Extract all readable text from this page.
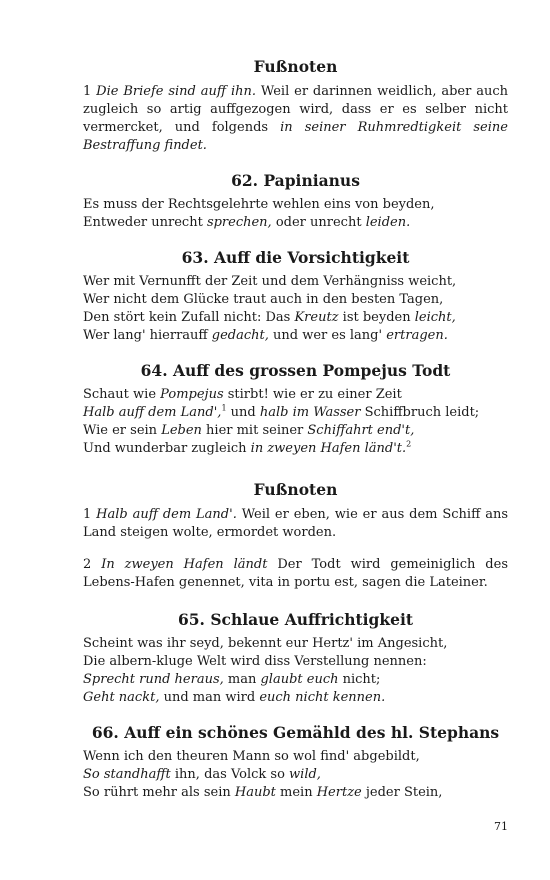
Fußnoten

1 Die Briefe sind auff ihn. Weil er darinnen weidlich, aber auch zugleich so artig auffgezogen wird, dass er es selber nicht vermercket, und folgends in seiner Ruhmredtigkeit seine Bestraffung findet.

62. Papinianus

Es muss der Rechtsgelehrte wehlen eins von beyden,

Entweder unrecht sprechen, oder unrecht leiden.

63. Auff die Vorsichtigkeit

Wer mit Vernunfft der Zeit und dem Verhängniss weicht,

Wer nicht dem Glücke traut auch in den besten Tagen,

Den stört kein Zufall nicht: Das Kreutz ist beyden leicht,

Wer lang' hierrauff gedacht, und wer es lang' ertragen.

64. Auff des grossen Pompejus Todt

Schaut wie Pompejus stirbt! wie er zu einer Zeit

Halb auff dem Land',$^1$ und halb im Wasser Schiffbruch leidt;

Wie er sein Leben hier mit seiner Schiffahrt end't,

Und wunderbar zugleich in zweyen Hafen länd't.$^2$

Fußnoten

1 Halb auff dem Land'. Weil er eben, wie er aus dem Schiff ans Land steigen wolte, ermordet worden.

2 In zweyen Hafen ländt Der Todt wird gemeiniglich des Lebens-Hafen genennet, vita in portu est, sagen die Lateiner.

65. Schlaue Auffrichtigkeit

Scheint was ihr seyd, bekennt eur Hertz' im Angesicht,

Die albern-kluge Welt wird diss Verstellung nennen:

Sprecht rund heraus, man glaubt euch nicht;

Geht nackt, und man wird euch nicht kennen.

66. Auff ein schönes Gemähld des hl. Stephans

Wenn ich den theuren Mann so wol find' abgebildt,

So standhafft ihn, das Volck so wild,

So rührt mehr als sein Haubt mein Hertze jeder Stein,

71
